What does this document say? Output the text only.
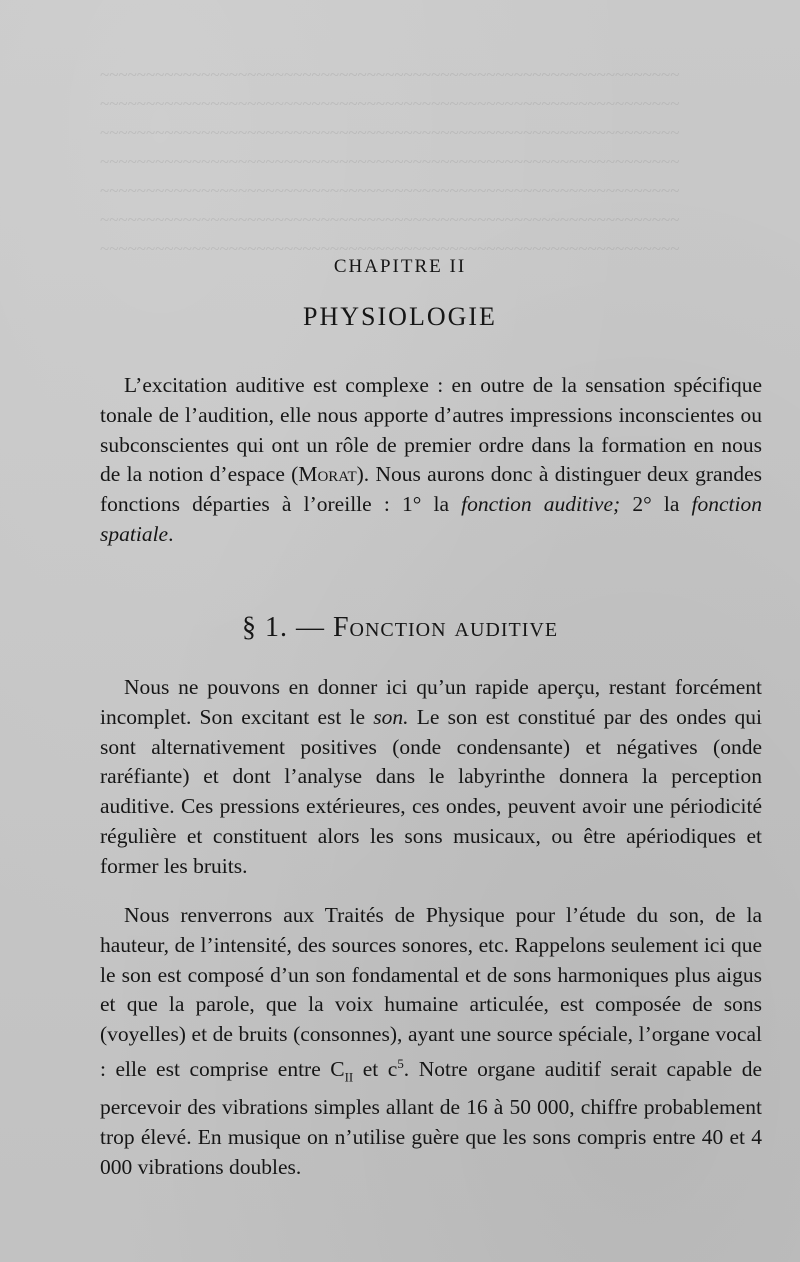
~~~~~~~~~~~~~~~~~~~~~~~~~~~~~~~~~~~~~~~~~~~~~~~~~~~~~~~~~~~~~~~
~~~~~~~~~~~~~~~~~~~~~~~~~~~~~~~~~~~~~~~~~~~~~~~~~~~~~~~~~~~~~~~
~~~~~~~~~~~~~~~~~~~~~~~~~~~~~~~~~~~~~~~~~~~~~~~~~~~~~~~~~~~~~~~
~~~~~~~~~~~~~~~~~~~~~~~~~~~~~~~~~~~~~~~~~~~~~~~~~~~~~~~~~~~~~~~
~~~~~~~~~~~~~~~~~~~~~~~~~~~~~~~~~~~~~~~~~~~~~~~~~~~~~~~~~~~~~~~
~~~~~~~~~~~~~~~~~~~~~~~~~~~~~~~~~~~~~~~~~~~~~~~~~~~~~~~~~~~~~~~
~~~~~~~~~~~~~~~~~~~~~~~~~~~~~~~~~~~~~~~~~~~~~~~~~~~~~~~~~~~~~~~
CHAPITRE II
PHYSIOLOGIE

L’excitation auditive est complexe : en outre de la sensation spécifique tonale de l’audition, elle nous apporte d’autres impressions inconscientes ou subconscientes qui ont un rôle de premier ordre dans la formation en nous de la notion d’espace (Morat). Nous aurons donc à distinguer deux grandes fonctions départies à l’oreille : 1° la fonction auditive; 2° la fonction spatiale.

§ 1. — Fonction auditive

Nous ne pouvons en donner ici qu’un rapide aperçu, restant forcément incomplet. Son excitant est le son. Le son est constitué par des ondes qui sont alternativement positives (onde condensante) et négatives (onde raréfiante) et dont l’analyse dans le labyrinthe donnera la perception auditive. Ces pressions extérieures, ces ondes, peuvent avoir une périodicité régulière et constituent alors les sons musicaux, ou être apériodiques et former les bruits.

Nous renverrons aux Traités de Physique pour l’étude du son, de la hauteur, de l’intensité, des sources sonores, etc. Rappelons seulement ici que le son est composé d’un son fondamental et de sons harmoniques plus aigus et que la parole, que la voix humaine articulée, est composée de sons (voyelles) et de bruits (consonnes), ayant une source spéciale, l’organe vocal : elle est comprise entre $C_{II}$ et $c^5$. Notre organe auditif serait capable de percevoir des vibrations simples allant de 16 à 50 000, chiffre probablement trop élevé. En musique on n’utilise guère que les sons compris entre 40 et 4 000 vibrations doubles.
